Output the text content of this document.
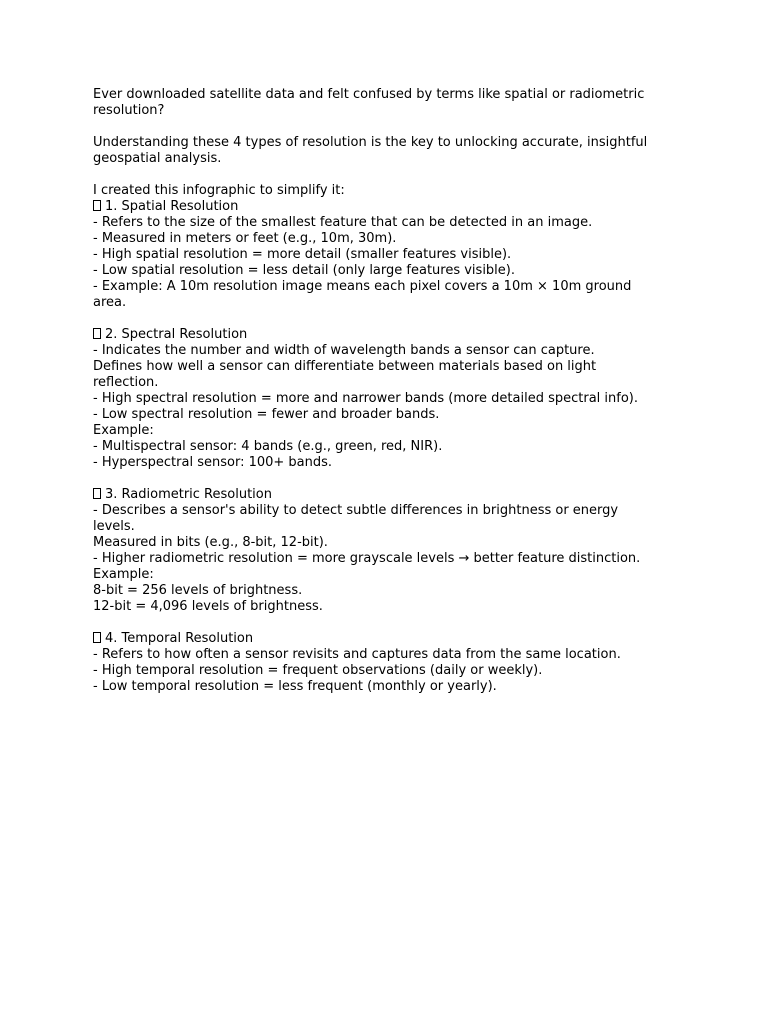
Ever downloaded satellite data and felt confused by terms like spatial or radiometric
resolution?
Understanding these 4 types of resolution is the key to unlocking accurate, insightful
geospatial analysis.
I created this infographic to simplify it:
1. Spatial Resolution
- Refers to the size of the smallest feature that can be detected in an image.
- Measured in meters or feet (e.g., 10m, 30m).
- High spatial resolution = more detail (smaller features visible).
- Low spatial resolution = less detail (only large features visible).
- Example: A 10m resolution image means each pixel covers a 10m × 10m ground
area.
2. Spectral Resolution
- Indicates the number and width of wavelength bands a sensor can capture.
Defines how well a sensor can differentiate between materials based on light
reflection.
- High spectral resolution = more and narrower bands (more detailed spectral info).
- Low spectral resolution = fewer and broader bands.
Example:
- Multispectral sensor: 4 bands (e.g., green, red, NIR).
- Hyperspectral sensor: 100+ bands.
3. Radiometric Resolution
- Describes a sensor's ability to detect subtle differences in brightness or energy
levels.
Measured in bits (e.g., 8-bit, 12-bit).
- Higher radiometric resolution = more grayscale levels → better feature distinction.
Example:
8-bit = 256 levels of brightness.
12-bit = 4,096 levels of brightness.
4. Temporal Resolution
- Refers to how often a sensor revisits and captures data from the same location.
- High temporal resolution = frequent observations (daily or weekly).
- Low temporal resolution = less frequent (monthly or yearly).
